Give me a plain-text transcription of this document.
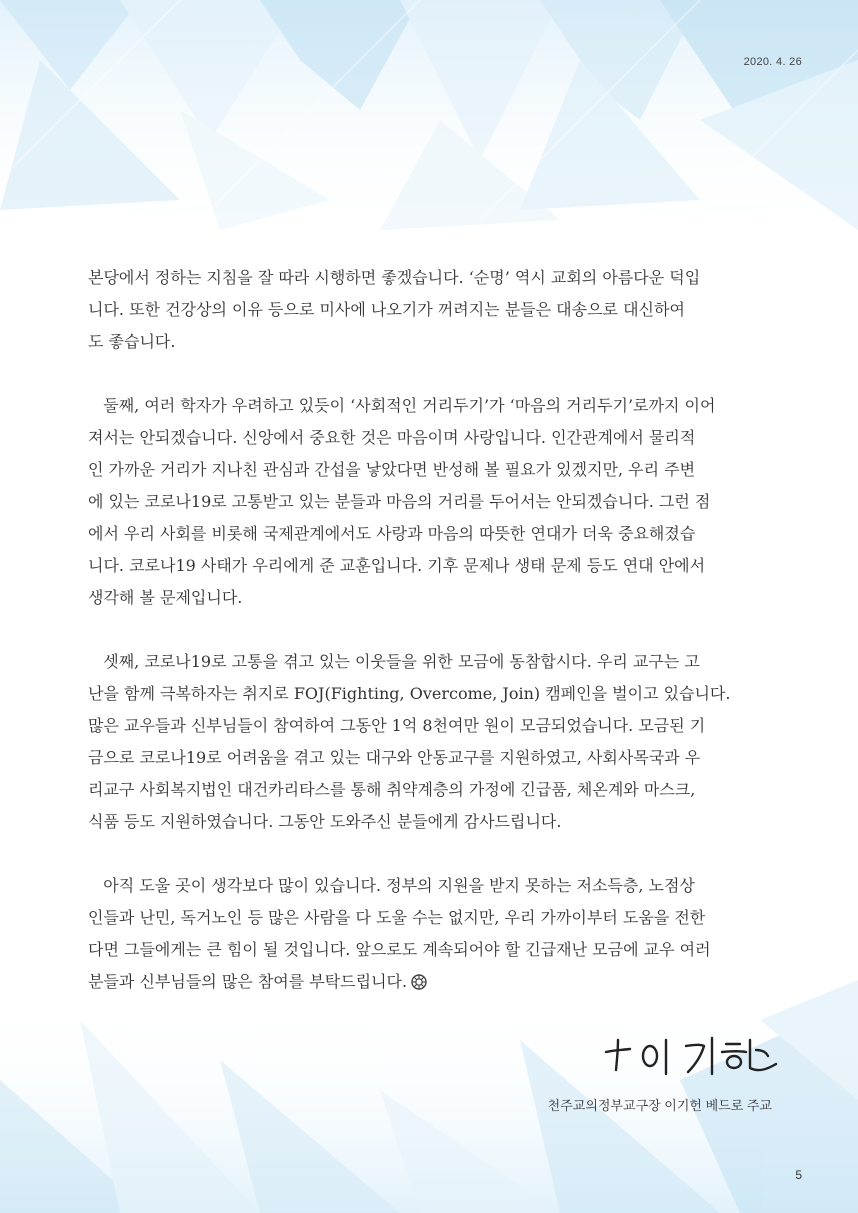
2020. 4. 26

본당에서 정하는 지침을 잘 따라 시행하면 좋겠습니다. ‘순명’ 역시 교회의 아름다운 덕입
니다. 또한 건강상의 이유 등으로 미사에 나오기가 꺼려지는 분들은 대송으로 대신하여
도 좋습니다.

둘째, 여러 학자가 우려하고 있듯이 ‘사회적인 거리두기’가 ‘마음의 거리두기’로까지 이어
져서는 안되겠습니다. 신앙에서 중요한 것은 마음이며 사랑입니다. 인간관계에서 물리적
인 가까운 거리가 지나친 관심과 간섭을 낳았다면 반성해 볼 필요가 있겠지만, 우리 주변
에 있는 코로나19로 고통받고 있는 분들과 마음의 거리를 두어서는 안되겠습니다. 그런 점
에서 우리 사회를 비롯해 국제관계에서도 사랑과 마음의 따뜻한 연대가 더욱 중요해졌습
니다. 코로나19 사태가 우리에게 준 교훈입니다. 기후 문제나 생태 문제 등도 연대 안에서
생각해 볼 문제입니다.

셋째, 코로나19로 고통을 겪고 있는 이웃들을 위한 모금에 동참합시다. 우리 교구는 고
난을 함께 극복하자는 취지로 FOJ(Fighting, Overcome, Join) 캠페인을 벌이고 있습니다.
많은 교우들과 신부님들이 참여하여 그동안 1억 8천여만 원이 모금되었습니다. 모금된 기
금으로 코로나19로 어려움을 겪고 있는 대구와 안동교구를 지원하였고, 사회사목국과 우
리교구 사회복지법인 대건카리타스를 통해 취약계층의 가정에 긴급품, 체온계와 마스크,
식품 등도 지원하였습니다. 그동안 도와주신 분들에게 감사드립니다.

아직 도울 곳이 생각보다 많이 있습니다. 정부의 지원을 받지 못하는 저소득층, 노점상
인들과 난민, 독거노인 등 많은 사람을 다 도울 수는 없지만, 우리 가까이부터 도움을 전한
다면 그들에게는 큰 힘이 될 것입니다. 앞으로도 계속되어야 할 긴급재난 모금에 교우 여러
분들과 신부님들의 많은 참여를 부탁드립니다.

천주교의정부교구장 이기헌 베드로 주교
5
